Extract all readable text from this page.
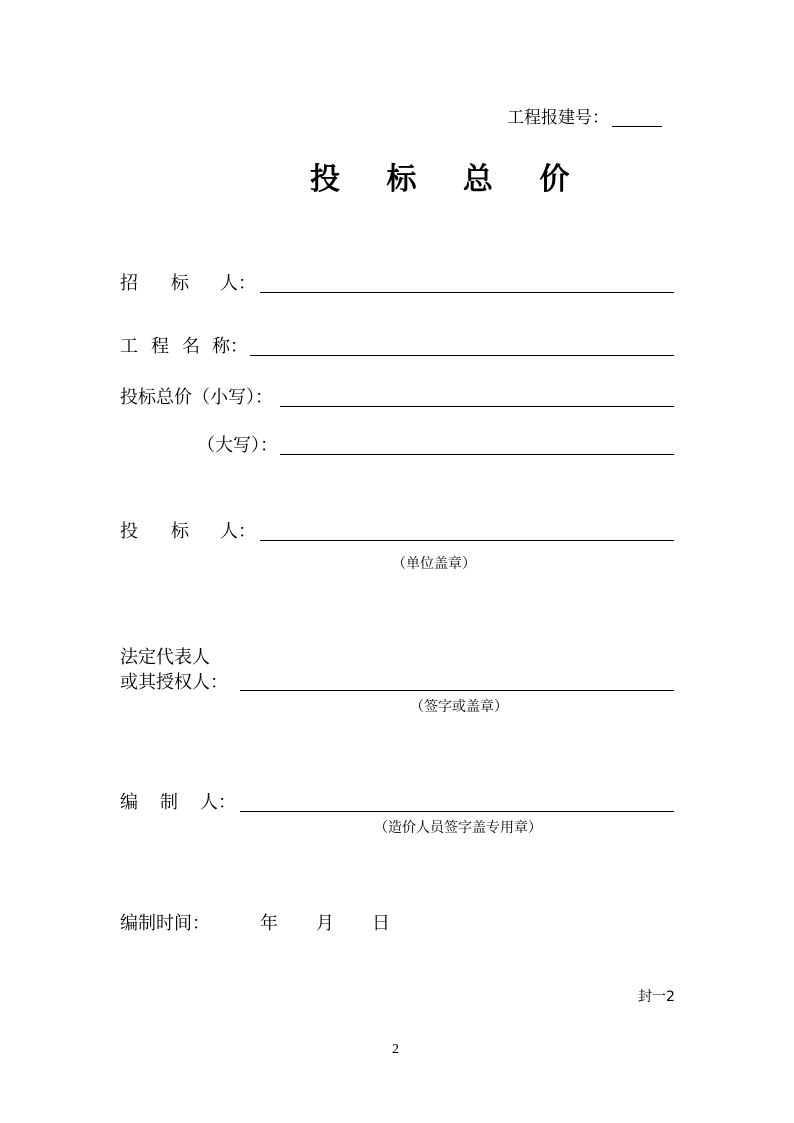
工程报建号：
投 标 总 价
招 标 人：
工 程 名 称：
投标总价（小写）：
（大写）：
投 标 人：
（单位盖章）
法定代表人
或其授权人：
（签字或盖章）
编 制 人：
（造价人员签字盖专用章）
编制时间：	年 月 日
封一2
2
